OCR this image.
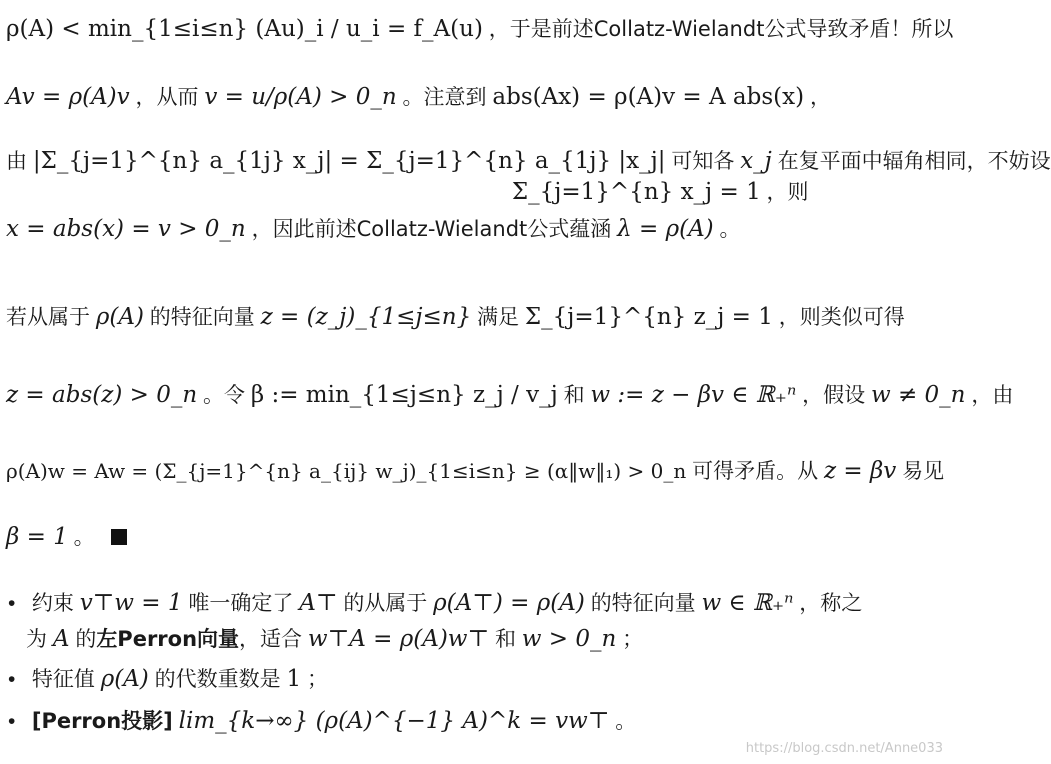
ρ(A) < min_{1≤i≤n} (Au)_i / u_i = f_A(u) ，于是前述Collatz-Wielandt公式导致矛盾！所以
Av = ρ(A)v ，从而 v = u/ρ(A) > 0_n 。注意到 abs(Ax) = ρ(A)v = A abs(x) ，
由 |Σ_{j=1}^{n} a_{1j} x_j| = Σ_{j=1}^{n} a_{1j} |x_j| 可知各 x_j 在复平面中辐角相同，不妨设
Σ_{j=1}^{n} x_j = 1 ，则
x = abs(x) = v > 0_n ，因此前述Collatz-Wielandt公式蕴涵 λ = ρ(A) 。
若从属于 ρ(A) 的特征向量 z = (z_j)_{1≤j≤n} 满足 Σ_{j=1}^{n} z_j = 1 ，则类似可得
z = abs(z) > 0_n 。令 β := min_{1≤j≤n} z_j / v_j 和 w := z − βv ∈ ℝ₊ⁿ ，假设 w ≠ 0_n ，由
ρ(A)w = Aw = (Σ_{j=1}^{n} a_{ij} w_j)_{1≤i≤n} ≥ (α‖w‖₁) > 0_n 可得矛盾。从 z = βv 易见
β = 1 。
• 约束 v⊤w = 1 唯一确定了 A⊤ 的从属于 ρ(A⊤) = ρ(A) 的特征向量 w ∈ ℝ₊ⁿ ，称之
为 A 的左Perron向量，适合 w⊤A = ρ(A)w⊤ 和 w > 0_n ；
• 特征值 ρ(A) 的代数重数是 1 ；
• [Perron投影] lim_{k→∞} (ρ(A)^{−1} A)^k = vw⊤ 。
https://blog.csdn.net/Anne033
